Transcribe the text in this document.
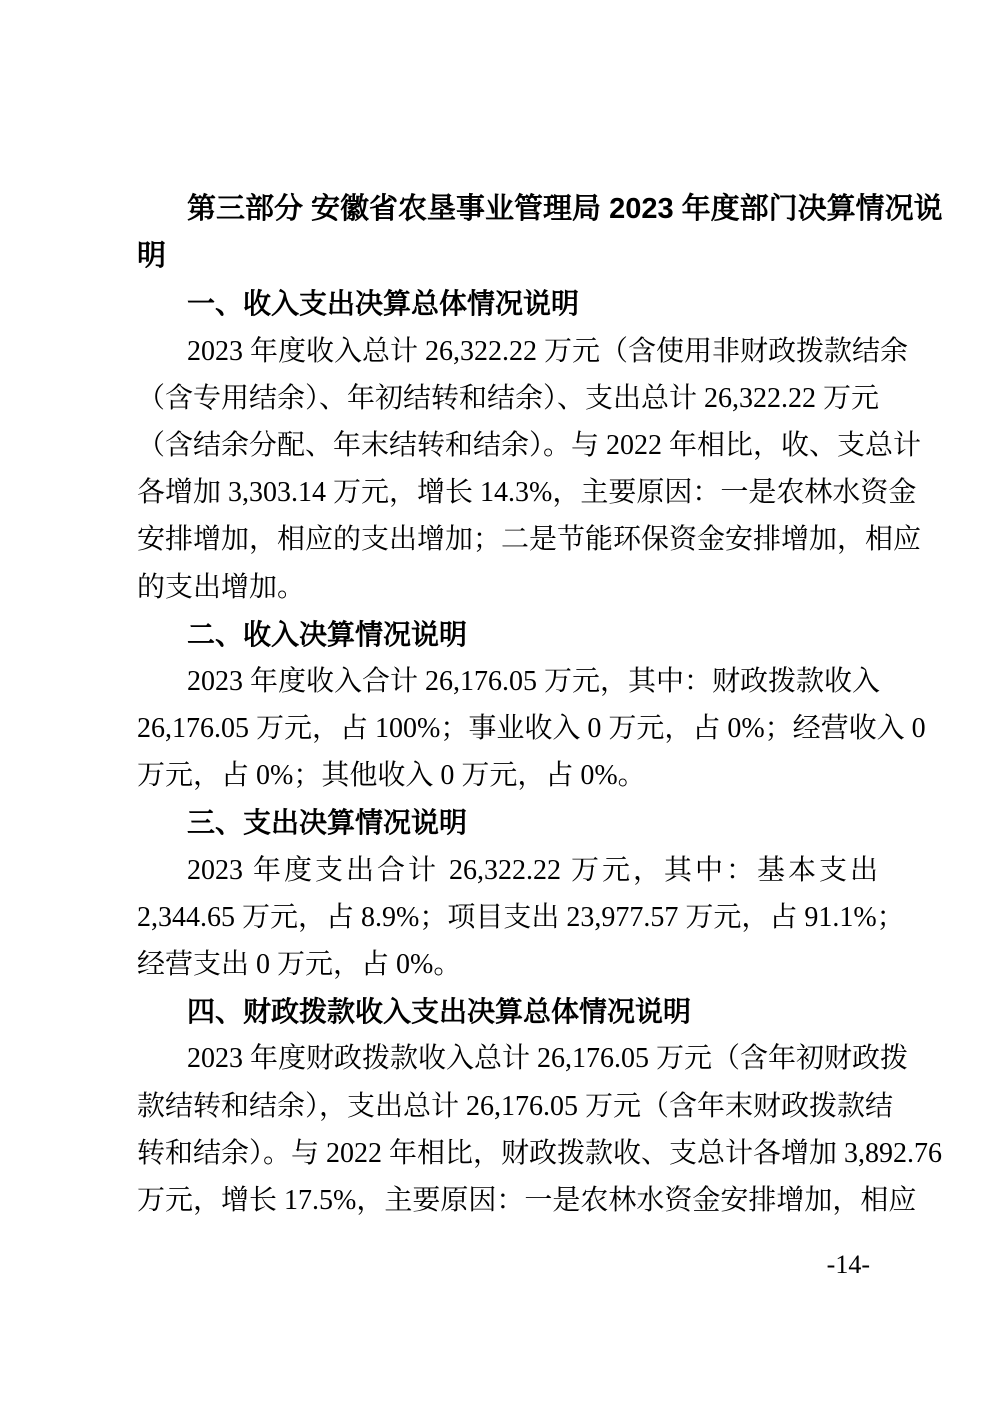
第三部分 安徽省农垦事业管理局 2023 年度部门决算情况说
明
一、收入支出决算总体情况说明
2023 年度收入总计 26,322.22 万元（含使用非财政拨款结余
（含专用结余）、年初结转和结余）、支出总计 26,322.22 万元
（含结余分配、年末结转和结余）。与 2022 年相比，收、支总计
各增加 3,303.14 万元，增长 14.3%，主要原因：一是农林水资金
安排增加，相应的支出增加；二是节能环保资金安排增加，相应
的支出增加。
二、收入决算情况说明
2023 年度收入合计 26,176.05 万元，其中：财政拨款收入
26,176.05 万元，占 100%；事业收入 0 万元，占 0%；经营收入 0
万元，占 0%；其他收入 0 万元，占 0%。
三、支出决算情况说明
2023 年度支出合计 26,322.22 万元，其中：基本支出
2,344.65 万元，占 8.9%；项目支出 23,977.57 万元，占 91.1%；
经营支出 0 万元，占 0%。
四、财政拨款收入支出决算总体情况说明
2023 年度财政拨款收入总计 26,176.05 万元（含年初财政拨
款结转和结余），支出总计 26,176.05 万元（含年末财政拨款结
转和结余）。与 2022 年相比，财政拨款收、支总计各增加 3,892.76
万元，增长 17.5%，主要原因：一是农林水资金安排增加，相应
-14-
